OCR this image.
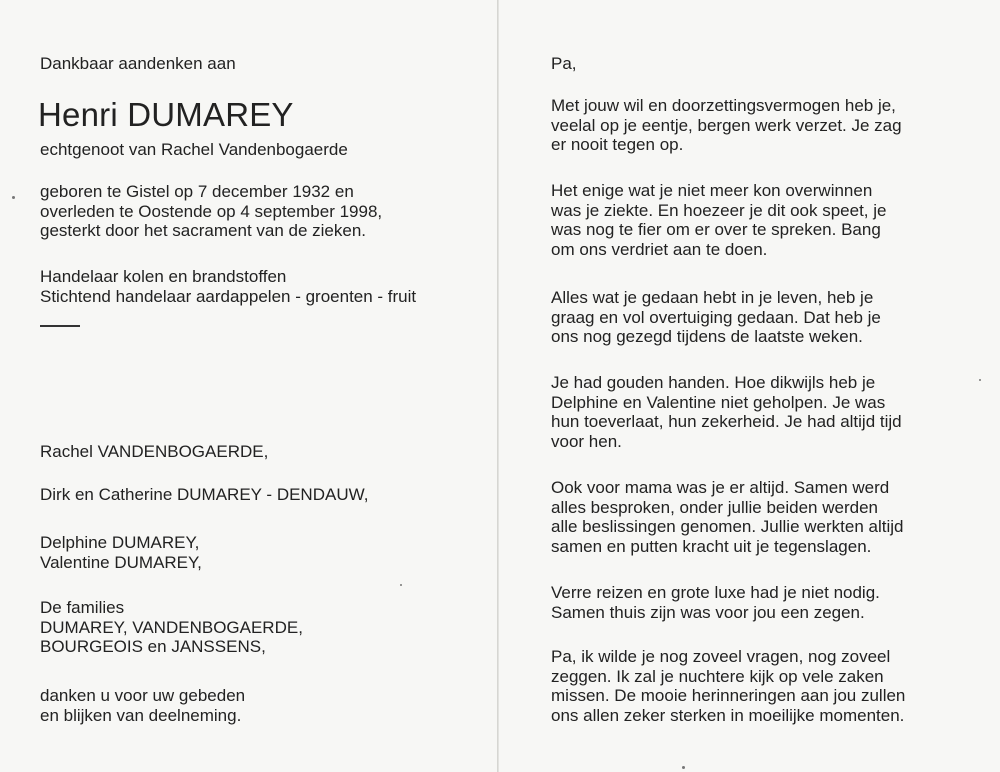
Dankbaar aandenken aan

Henri DUMAREY

echtgenoot van Rachel Vandenbogaerde

geboren te Gistel op 7 december 1932 en
overleden te Oostende op 4 september 1998,
gesterkt door het sacrament van de zieken.
Handelaar kolen en brandstoffen
Stichtend handelaar aardappelen - groenten - fruit

Rachel VANDENBOGAERDE,

Dirk en Catherine DUMAREY - DENDAUW,

Delphine DUMAREY,
Valentine DUMAREY,
De families
DUMAREY, VANDENBOGAERDE,
BOURGEOIS en JANSSENS,
danken u voor uw gebeden
en blijken van deelneming.

Pa,

Met jouw wil en doorzettingsvermogen heb je,
veelal op je eentje, bergen werk verzet. Je zag
er nooit tegen op.
Het enige wat je niet meer kon overwinnen
was je ziekte. En hoezeer je dit ook speet, je
was nog te fier om er over te spreken. Bang
om ons verdriet aan te doen.
Alles wat je gedaan hebt in je leven, heb je
graag en vol overtuiging gedaan. Dat heb je
ons nog gezegd tijdens de laatste weken.
Je had gouden handen. Hoe dikwijls heb je
Delphine en Valentine niet geholpen. Je was
hun toeverlaat, hun zekerheid. Je had altijd tijd
voor hen.
Ook voor mama was je er altijd. Samen werd
alles besproken, onder jullie beiden werden
alle beslissingen genomen. Jullie werkten altijd
samen en putten kracht uit je tegenslagen.
Verre reizen en grote luxe had je niet nodig.
Samen thuis zijn was voor jou een zegen.
Pa, ik wilde je nog zoveel vragen, nog zoveel
zeggen. Ik zal je nuchtere kijk op vele zaken
missen. De mooie herinneringen aan jou zullen
ons allen zeker sterken in moeilijke momenten.
